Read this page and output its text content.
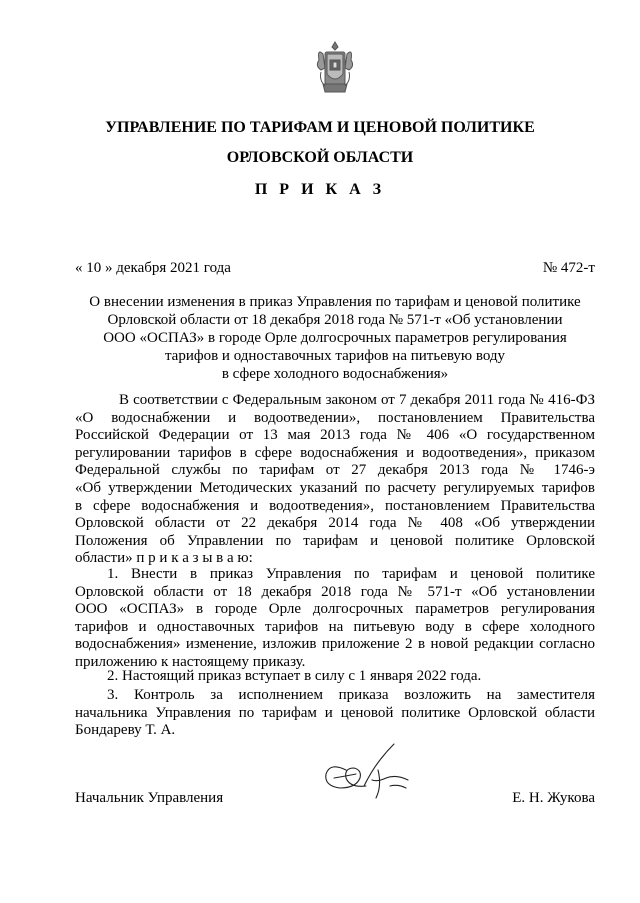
УПРАВЛЕНИЕ ПО ТАРИФАМ И ЦЕНОВОЙ ПОЛИТИКЕ
ОРЛОВСКОЙ ОБЛАСТИ
П Р И К А З
« 10 » декабря 2021 года	№ 472-т
О внесении изменения в приказ Управления по тарифам и ценовой политике
Орловской области от 18 декабря 2018 года № 571-т «Об установлении
ООО «ОСПАЗ» в городе Орле долгосрочных параметров регулирования
тарифов и одноставочных тарифов на питьевую воду
в сфере холодного водоснабжения»
В соответствии с Федеральным законом от 7 декабря 2011 года № 416-ФЗ
«О водоснабжении и водоотведении», постановлением Правительства
Российской Федерации от 13 мая 2013 года № 406 «О государственном
регулировании тарифов в сфере водоснабжения и водоотведения», приказом
Федеральной службы по тарифам от 27 декабря 2013 года № 1746-э
«Об утверждении Методических указаний по расчету регулируемых тарифов
в сфере водоснабжения и водоотведения», постановлением Правительства
Орловской области от 22 декабря 2014 года № 408 «Об утверждении
Положения об Управлении по тарифам и ценовой политике Орловской
области» п р и к а з ы в а ю:
1. Внести в приказ Управления по тарифам и ценовой политике
Орловской области от 18 декабря 2018 года № 571-т «Об установлении
ООО «ОСПАЗ» в городе Орле долгосрочных параметров регулирования
тарифов и одноставочных тарифов на питьевую воду в сфере холодного
водоснабжения» изменение, изложив приложение 2 в новой редакции согласно
приложению к настоящему приказу.
2. Настоящий приказ вступает в силу с 1 января 2022 года.
3. Контроль за исполнением приказа возложить на заместителя
начальника Управления по тарифам и ценовой политике Орловской области
Бондареву Т. А.
Начальник Управления	Е. Н. Жукова
